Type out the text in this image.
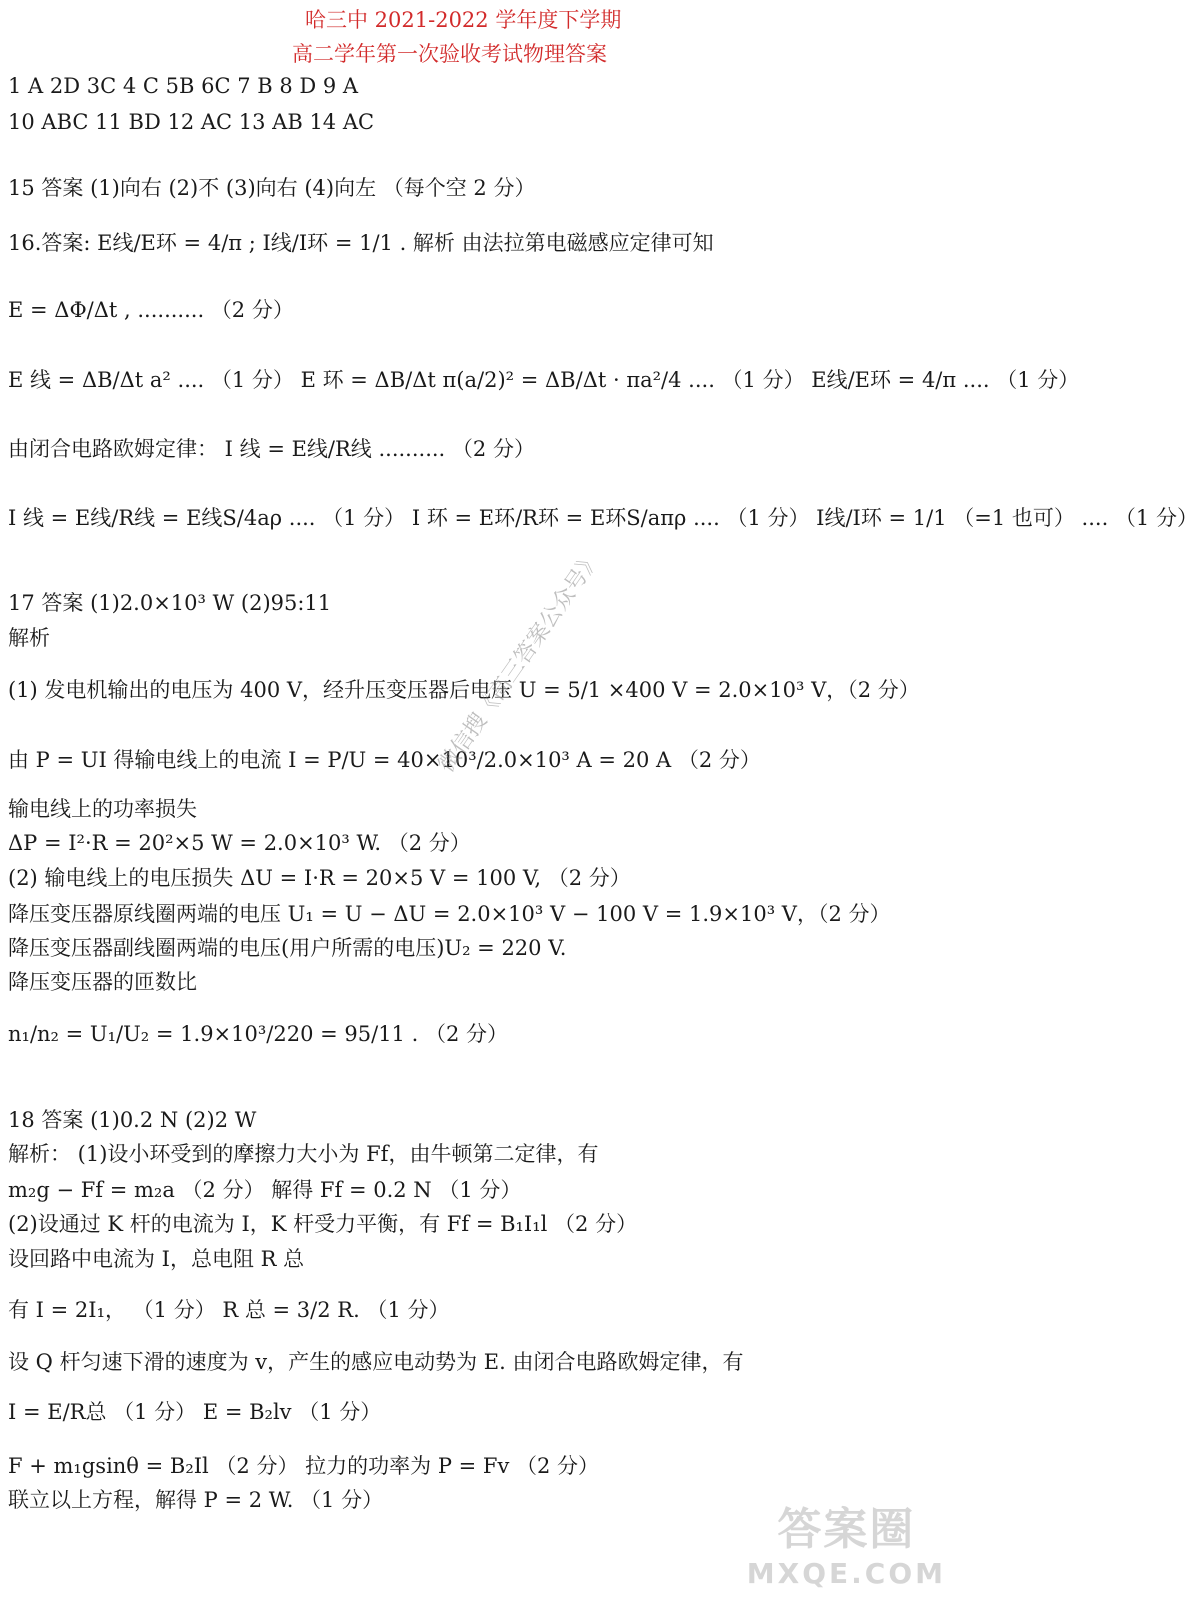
哈三中 2021-2022 学年度下学期
高二学年第一次验收考试物理答案
1 A 2D 3C 4 C 5B 6C 7 B 8 D 9 A
10 ABC 11 BD 12 AC 13 AB 14 AC
15 答案 (1)向右 (2)不 (3)向右 (4)向左 （每个空 2 分）
16.答案: E线/E环 = 4/π ; I线/I环 = 1/1 . 解析 由法拉第电磁感应定律可知
E = ΔΦ/Δt , .......... （2 分）
E 线 = ΔB/Δt a² .... （1 分） E 环 = ΔB/Δt π(a/2)² = ΔB/Δt · πa²/4 .... （1 分） E线/E环 = 4/π .... （1 分）
由闭合电路欧姆定律： I 线 = E线/R线 .......... （2 分）
I 线 = E线/R线 = E线S/4aρ .... （1 分） I 环 = E环/R环 = E环S/aπρ .... （1 分） I线/I环 = 1/1 （=1 也可） .... （1 分）
17 答案 (1)2.0×10³ W (2)95:11
解析
(1) 发电机输出的电压为 400 V，经升压变压器后电压 U = 5/1 ×400 V = 2.0×10³ V，（2 分）
由 P = UI 得输电线上的电流 I = P/U = 40×10³/2.0×10³ A = 20 A （2 分）
输电线上的功率损失
ΔP = I²·R = 20²×5 W = 2.0×10³ W. （2 分）
(2) 输电线上的电压损失 ΔU = I·R = 20×5 V = 100 V, （2 分）
降压变压器原线圈两端的电压 U₁ = U − ΔU = 2.0×10³ V − 100 V = 1.9×10³ V，（2 分）
降压变压器副线圈两端的电压(用户所需的电压)U₂ = 220 V.
降压变压器的匝数比
n₁/n₂ = U₁/U₂ = 1.9×10³/220 = 95/11 . （2 分）
18 答案 (1)0.2 N (2)2 W
解析： (1)设小环受到的摩擦力大小为 Ff，由牛顿第二定律，有
m₂g − Ff = m₂a （2 分） 解得 Ff = 0.2 N （1 分）
(2)设通过 K 杆的电流为 I，K 杆受力平衡，有 Ff = B₁I₁l （2 分）
设回路中电流为 I，总电阻 R 总
有 I = 2I₁， （1 分） R 总 = 3/2 R. （1 分）
设 Q 杆匀速下滑的速度为 v，产生的感应电动势为 E. 由闭合电路欧姆定律，有
I = E/R总 （1 分） E = B₂lv （1 分）
F + m₁gsinθ = B₂Il （2 分） 拉力的功率为 P = Fv （2 分）
联立以上方程，解得 P = 2 W. （1 分）
微信搜《高三答案公众号》
答案圈
MXQE.COM
